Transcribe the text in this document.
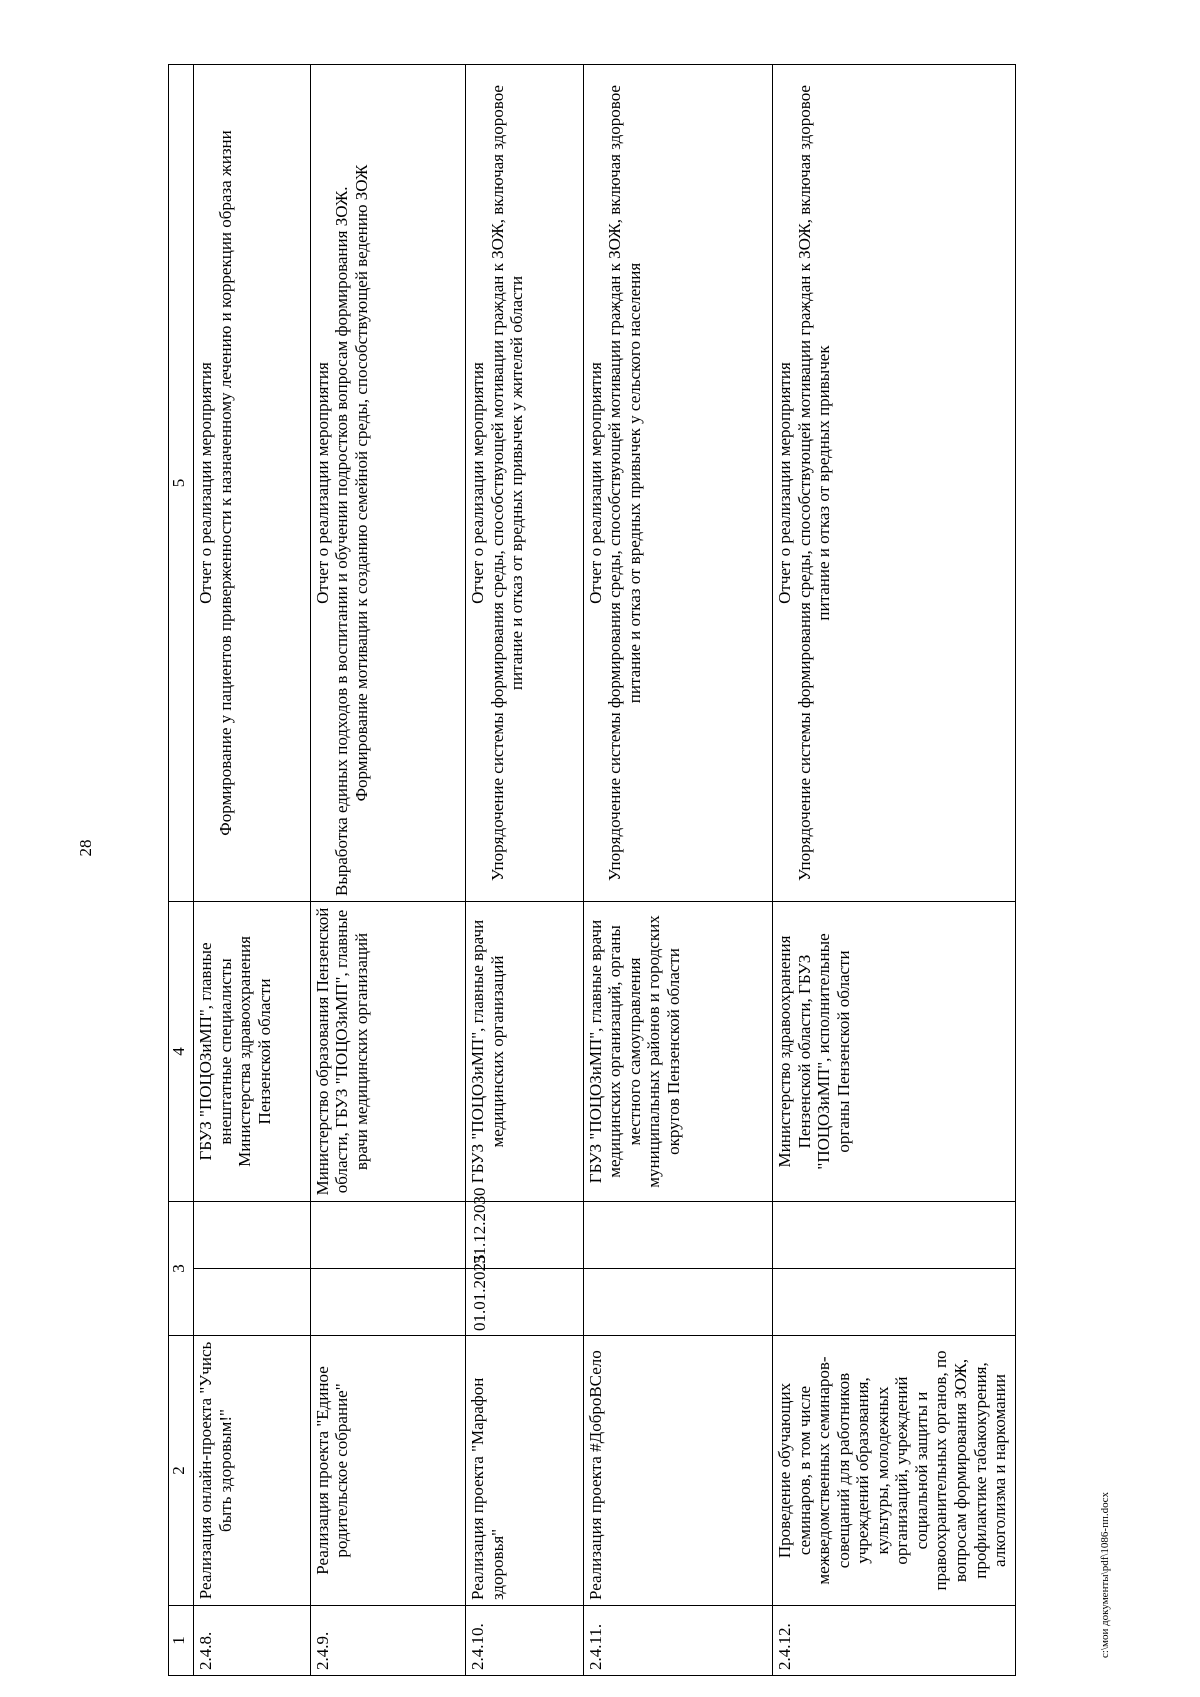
28
1	2	3		4	5
2.4.8.	Реализация онлайн-проекта "Учись быть здоровым!"			ГБУЗ "ПОЦОЗиМП", главные внештатные специалисты Министерства здравоохранения Пензенской области	Отчет о реализации мероприятия Формирование у пациентов приверженности к назначенному лечению и коррекции образа жизни

2.4.9.	Реализация проекта "Единое родительское собрание"			Министерство образования Пензенской области, ГБУЗ "ПОЦОЗиМП", главные врачи медицинских организаций	Отчет о реализации мероприятия Выработка единых подходов в воспитании и обучении подростков вопросам формирования ЗОЖ. Формирование мотивации к созданию семейной среды, способствующей ведению ЗОЖ

2.4.10.	Реализация проекта "Марафон здоровья"	01.01.2025	31.12.2030	ГБУЗ "ПОЦОЗиМП", главные врачи медицинских организаций	Отчет о реализации мероприятия Упорядочение системы формирования среды, способствующей мотивации граждан к ЗОЖ, включая здоровое питание и отказ от вредных привычек у жителей области

2.4.11.	Реализация проекта #ДоброВСело			ГБУЗ "ПОЦОЗиМП", главные врачи медицинских организаций, органы местного самоуправления муниципальных районов и городских округов Пензенской области	Отчет о реализации мероприятия Упорядочение системы формирования среды, способствующей мотивации граждан к ЗОЖ, включая здоровое питание и отказ от вредных привычек у сельского населения

2.4.12.	Проведение обучающих семинаров, в том числе межведомственных семинаров-совещаний для работников учреждений образования, культуры, молодежных организаций, учреждений социальной защиты и правоохранительных органов, по вопросам формирования ЗОЖ, профилактике табакокурения, алкоголизма и наркомании			Министерство здравоохранения Пензенской области, ГБУЗ "ПОЦОЗиМП", исполнительные органы Пензенской области	Отчет о реализации мероприятия Упорядочение системы формирования среды, способствующей мотивации граждан к ЗОЖ, включая здоровое питание и отказ от вредных привычек
c:\мои документы\pdf\1086-пп.docx
